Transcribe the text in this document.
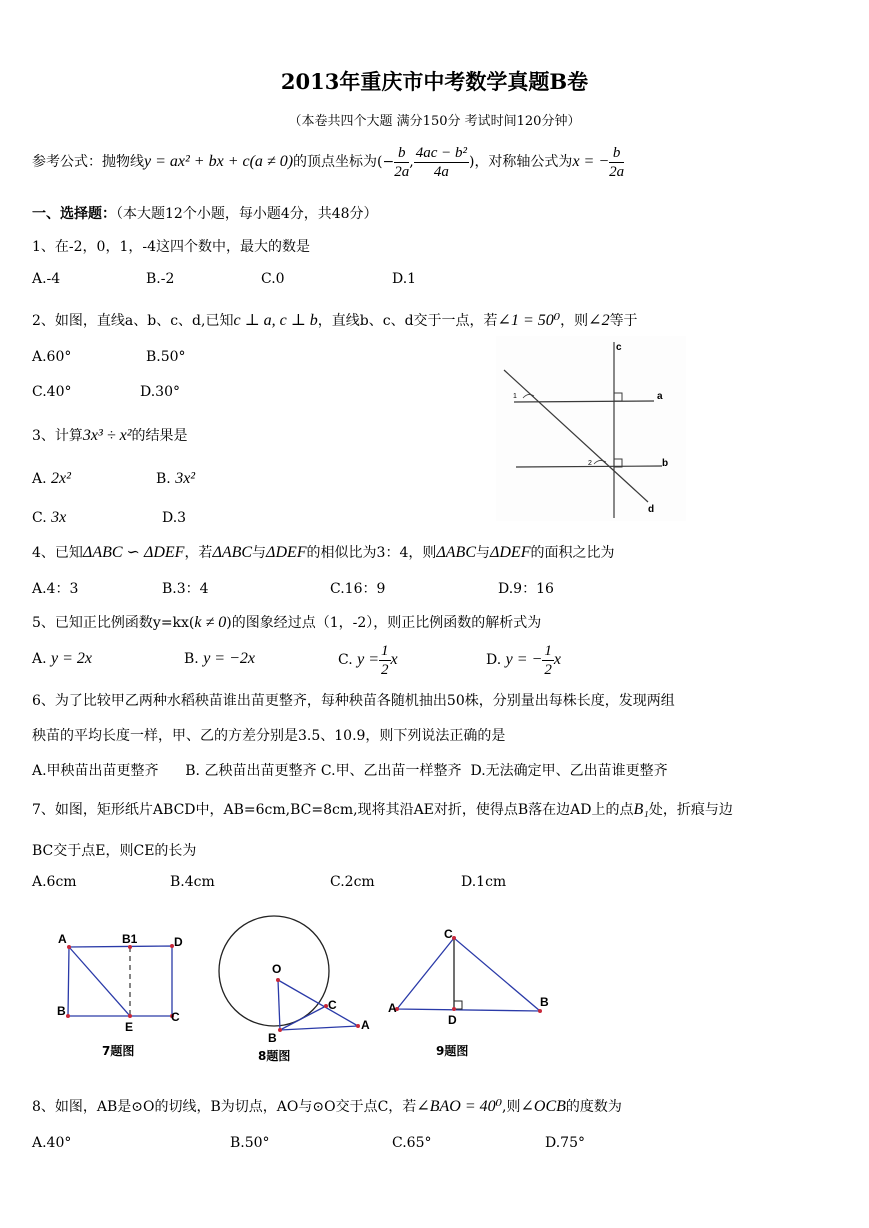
2013年重庆市中考数学真题B卷
（本卷共四个大题 满分150分 考试时间120分钟）
参考公式：抛物线y = ax² + bx + c(a ≠ 0)的顶点坐标为(− $\frac{b}{2a}$ , $\frac{\text{4ac − b²}}{4a}$ )，对称轴公式为x = − $\frac{b}{2a}$
一、选择题：（本大题12个小题，每小题4分，共48分）
1、在-2，0，1，-4这四个数中，最大的数是
A.-4	B.-2	C.0	D.1
2、如图，直线a、b、c、d,已知c ⊥ a, c ⊥ b，直线b、c、d交于一点，若∠1 = 50⁰，则∠2等于
A.60°	B.50°
C.40°	D.30°
c
a
b
d
1
2
3、计算3x³ ÷ x²的结果是
A. 2x²	B. 3x²
C. 3x	D.3
4、已知ΔABC ∽ ΔDEF，若ΔABC与ΔDEF的相似比为3：4，则ΔABC与ΔDEF的面积之比为
A.4：3	B.3：4	C.16：9	D.9：16
5、已知正比例函数y=kx(k ≠ 0)的图象经过点（1，-2），则正比例函数的解析式为
A. y = 2x	B. y = −2x	C. $y = \frac{1}{2}$ x	D. y = − $\frac{1}{2}$ x
6、为了比较甲乙两种水稻秧苗谁出苗更整齐，每种秧苗各随机抽出50株，分别量出每株长度，发现两组
秧苗的平均长度一样，甲、乙的方差分别是3.5、10.9，则下列说法正确的是
A.甲秧苗出苗更整齐      B. 乙秧苗出苗更整齐 C.甲、乙出苗一样整齐  D.无法确定甲、乙出苗谁更整齐
7、如图，矩形纸片ABCD中，AB=6cm,BC=8cm,现将其沿AE对折，使得点B落在边AD上的点B₁处，折痕与边
BC交于点E，则CE的长为
A.6cm	B.4cm	C.2cm	D.1cm
A	B1	D
B
E
C
7题图
O
C
B
A
8题图
C
A	B
D
9题图
8、如图，AB是⊙O的切线，B为切点，AO与⊙O交于点C，若∠BAO = 40⁰,则∠OCB的度数为
A.40°	B.50°	C.65°	D.75°
